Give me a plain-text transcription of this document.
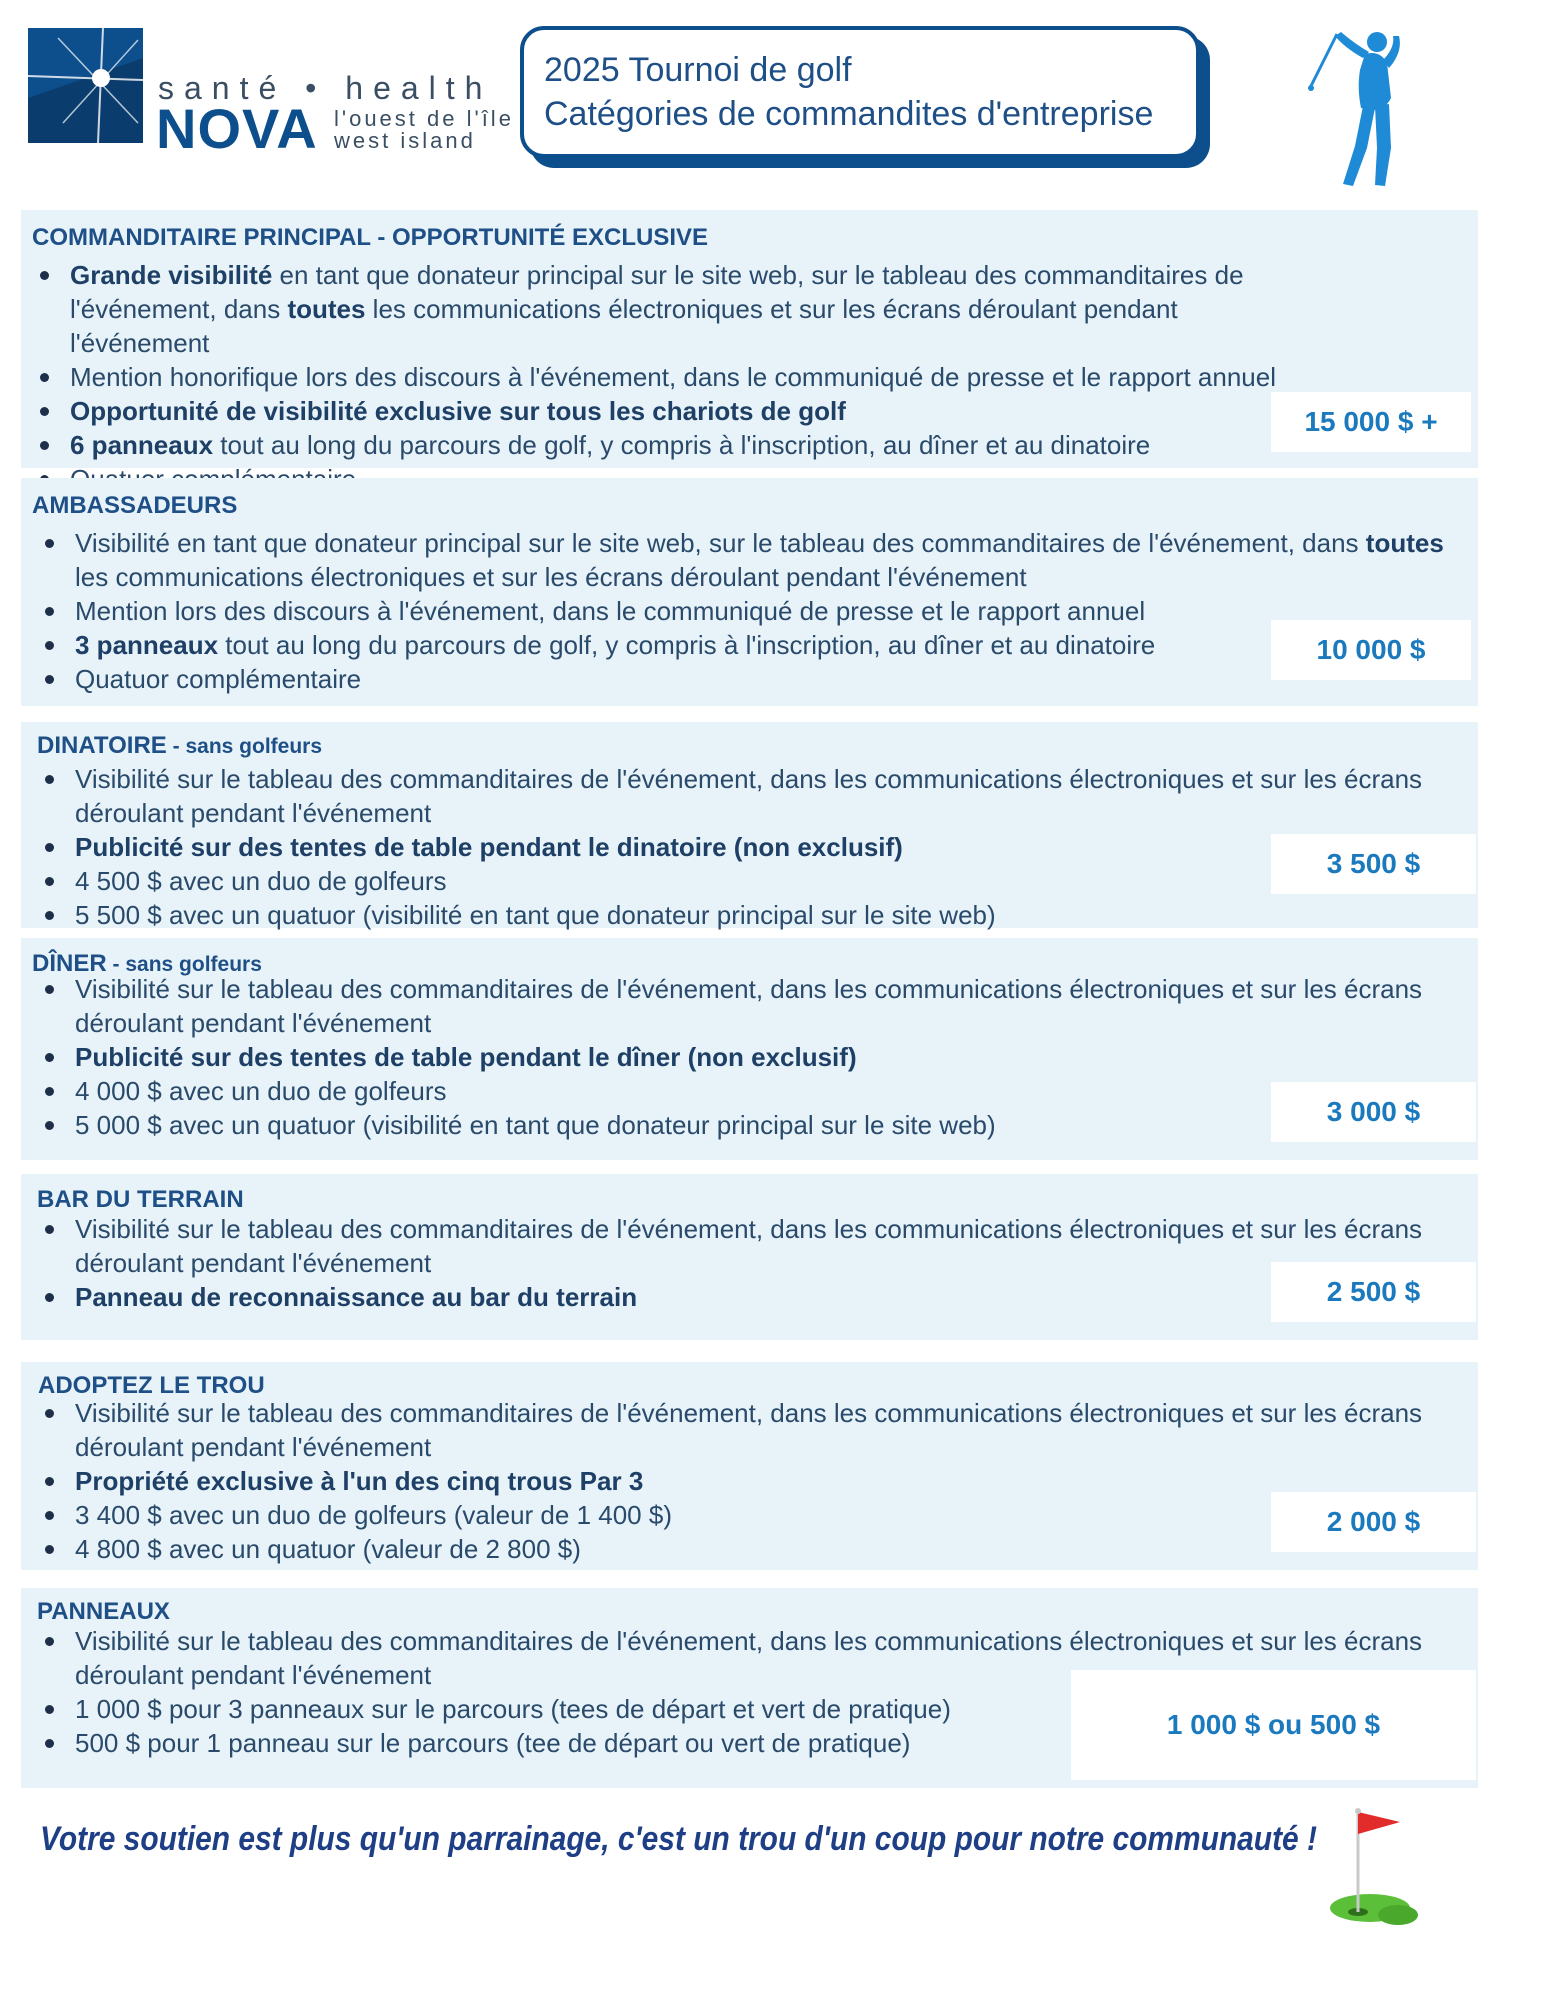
santé • health
NOVA l'ouest de l'île
west island
2025 Tournoi de golf
Catégories de commandites d'entreprise
COMMANDITAIRE PRINCIPAL - OPPORTUNITÉ EXCLUSIVE
Grande visibilité en tant que donateur principal sur le site web, sur le tableau des commanditaires de l'événement, dans toutes les communications électroniques et sur les écrans déroulant pendant l'événement
Mention honorifique lors des discours à l'événement, dans le communiqué de presse et le rapport annuel
Opportunité de visibilité exclusive sur tous les chariots de golf
6 panneaux tout au long du parcours de golf, y compris à l'inscription, au dîner et au dinatoire
15 000 $ +
AMBASSADEURS
Visibilité en tant que donateur principal sur le site web, sur le tableau des commanditaires de l'événement, dans toutes les communications électroniques et sur les écrans déroulant pendant l'événement
Mention lors des discours à l'événement, dans le communiqué de presse et le rapport annuel
3 panneaux tout au long du parcours de golf, y compris à l'inscription, au dîner et au dinatoire
Quatuor complémentaire
10 000 $
DINATOIRE - sans golfeurs
Visibilité sur le tableau des commanditaires de l'événement, dans les communications électroniques et sur les écrans déroulant pendant l'événement
Publicité sur des tentes de table pendant le dinatoire (non exclusif)
4 500 $ avec un duo de golfeurs
5 500 $ avec un quatuor (visibilité en tant que donateur principal sur le site web)
3 500 $
DÎNER - sans golfeurs
Visibilité sur le tableau des commanditaires de l'événement, dans les communications électroniques et sur les écrans déroulant pendant l'événement
Publicité sur des tentes de table pendant le dîner (non exclusif)
4 000 $ avec un duo de golfeurs
5 000 $ avec un quatuor (visibilité en tant que donateur principal sur le site web)	3 000 $
BAR DU TERRAIN
Visibilité sur le tableau des commanditaires de l'événement, dans les communications électroniques et sur les écrans déroulant pendant l'événement
Panneau de reconnaissance au bar du terrain	2 500 $
ADOPTEZ LE TROU
Visibilité sur le tableau des commanditaires de l'événement, dans les communications électroniques et sur les écrans déroulant pendant l'événement
Propriété exclusive à l'un des cinq trous Par 3
3 400 $ avec un duo de golfeurs (valeur de 1 400 $)
4 800 $ avec un quatuor (valeur de 2 800 $)
2 000 $
PANNEAUX
Visibilité sur le tableau des commanditaires de l'événement, dans les communications électroniques et sur les écrans déroulant pendant l'événement
1 000 $ pour 3 panneaux sur le parcours (tees de départ et vert de pratique)
500 $ pour 1 panneau sur le parcours (tee de départ ou vert de pratique)
1 000 $ ou 500 $
Votre soutien est plus qu'un parrainage, c'est un trou d'un coup pour notre communauté !
